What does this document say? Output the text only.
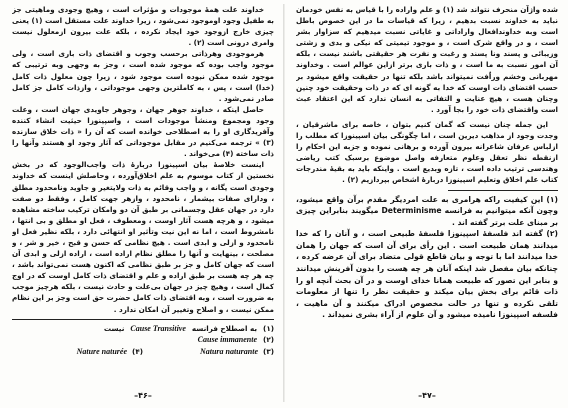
خداوند علت همهٔ موجودات و مؤثرات است ، وهیچ وجودی وماهیتی جز به طفیل وجود اوموجود نمی‌شود ، زیرا خداوند علت مستقل است (۱) یعنی چیزی خارج ازوجود خود ایجاد نکرده ، بلکه علت بیرون ازمعلول نیست وامری درونی است (۲) .

هرموجودی وهرذاتی برحسب وجوب و اقتضای ذات باری است ، ولی موجود واجب بوده که موجود شده است ، وجز به وجهی وبه ترتیبی که موجود شده ممکن نبوده است موجود شود ، زیرا چون معلول ذات کامل (خدا) است ، پس ، به کاملترین وجهی موجوداتی ، وازذات کامل جز کامل صادر نمی‌شود .

حاصل اینکه ، خداوند جوهر جهان ، وجوهر جاویدی جهان است ، وعلت وجود ومجموع ومنشأ موجودات است ، واسپینوزا حیثیت انشاء کننده وآفریدگاری او را به اصطلاحی خوانده است که آن را « ذات خلاق سازنده (۳) » ترجمه می‌کنیم در مقابل موجوداتی که آثار وجود او هستند وآنها را ذات ساخته (۴) می‌خواند .

اینست خلاصهٔ بیان اسپینوزا دربارهٔ ذات واجب‌الوجود که در بخش نخستین از کتاب موسوم به علم اخلاق‌آورده ، وحاصلش اینست که خداوند وجودی است یگانه ، و واجب وقائم به ذات ولایتغیر و جاوید ونامحدود مطلق ، ودارای صفات بیشمار ، نامحدود ، وازهر جهت کامل ، وفقط دو صفت دارد در جهان عقل وجسمانی بر طبق آن دو وامکان ترکیب ساخته مشاهده میشود ، و هرچه هست آثار اوست ، ومعطوف ، فعل او مطلق و بی انتها ، نامشروط است ، اما نه این نیت وتأثیر او انتهائی دارد ، بلکه نظیر فعل او نامحدود و ازلی و ابدی است . هیچ نظامی که حسن و قبح ، خیر و شر ، و مصلحت ، بینهایت و آنها را مطلق نظام اراده است ، اراده ازلی و ابدی آن است که جهان کامل و جز بر طبق نظامی که اکنون هست نمی‌تواند باشد ، چه هر چه هست بر طبق اراده و علم و اقتضای ذات کامل اوست که در اوج کمال است ، وهیچ چیز در جهان بی‌علت و حادث نیست ، بلکه هرچیز موجب به ضرورت است ، وبه اقتضای ذات کامل حضرت حق است وجز بر این نظام ممکن نیست ، و اصلاح وتغییر آن امکان ندارد .

(۱)
به اصطلاح فرانسه
Cause Transitive
نیست
(۲)
Cause immanente
(۳)
Natura naturante
(۴)
Nature naturée
–۴۶–

شده واژآن منحرف نتواند شد (۱) و علم واراده را با قیاس به نفس خودمان نباید به خداوند نسبت بدهیم ، زیرا که قیاسات ما در این خصوص باطل است وبه خداوندافعال واراداتی و غایاتی نسبت میدهیم که سزاوار بشر است ، و در واقع شرک است ، و موجود تیمیتی که نیکی و بدی و زشتی وزیبائی و پسند ونا پسند و رغبت و نفرت هر حقیقتی باشند نیست ، بلکه آن امور نسبت به ما است ، و ذات باری برتر ازاین عوالم است . وخداوند مهربانی وخشم وراٌفت نمیتواند باشد بلکه تنها در حقیقت واقع میشود بر حسب اقتضای ذات اوست که خدا به گونه ای که در ذات وحقیقت خود چنین وچنان هست ، هیچ عنایت و التفاتی به انسان ندارد که این اعتقاد عبث است واقتضای ذات خود را بجا آورد .

این جمله چنان نیست که گمان کنیم بتوان ، خاصه برای ماشرقیان ، وجدت وجود از مذاهب دیرین است ، اما چگونگی بیان اسپینوزا که مطلب را ازلباس عرفان شاعرانه بیرون آورده و برهانی نموده و جزبه این احکام را ازنقطه نظر تعقل وعلوم متعارفه واصل موضوع برسبک کتب ریاضی وهندسی ترتیب داده است ، تازه وبدیع است . واینکه باید به بقیهٔ مندرجات کتاب علم اخلاق وتعلیم اسپینوزا دربارهٔ اشخاص بپردازیم (۲) .

(۱) این کیفیت راکه هرامری به علت امردیگر مقدم برآن واقع میشود، وچون آنکه میتوانیم به فرانسه Determinisme میگویند بنابراین چیزی بر مبنای علت برتر گفته اند .

(۲) گفته اند فلسفهٔ اسپینوزا فلسفهٔ طبیعی است ، و آنان را که خدا میدانند همان طبیعت است . این رأی برای آن است که جهان را همان خدا میدانند اما با توجه و بیان قاطع قولی متضاد برای آن عرضه کرده ، چنانکه بیان مفصل شد اینکه آنان هر چه هست را بدون آفرینش میدانند و بنابر این تصور که طبیعت همانا خدای اوست و در آن بحث آنچه او را ذات قائم برای بخش بیان میکند و حقیقت نظر را تنها از معلومات تلقی نکرده و تنها در حالت مخصوص ادراک میکنند و آن ماهیت ، فلسفه اسپینوزا نامیده میشود و آن علوم از آراء بشری نمیداند .

–۴۷–
